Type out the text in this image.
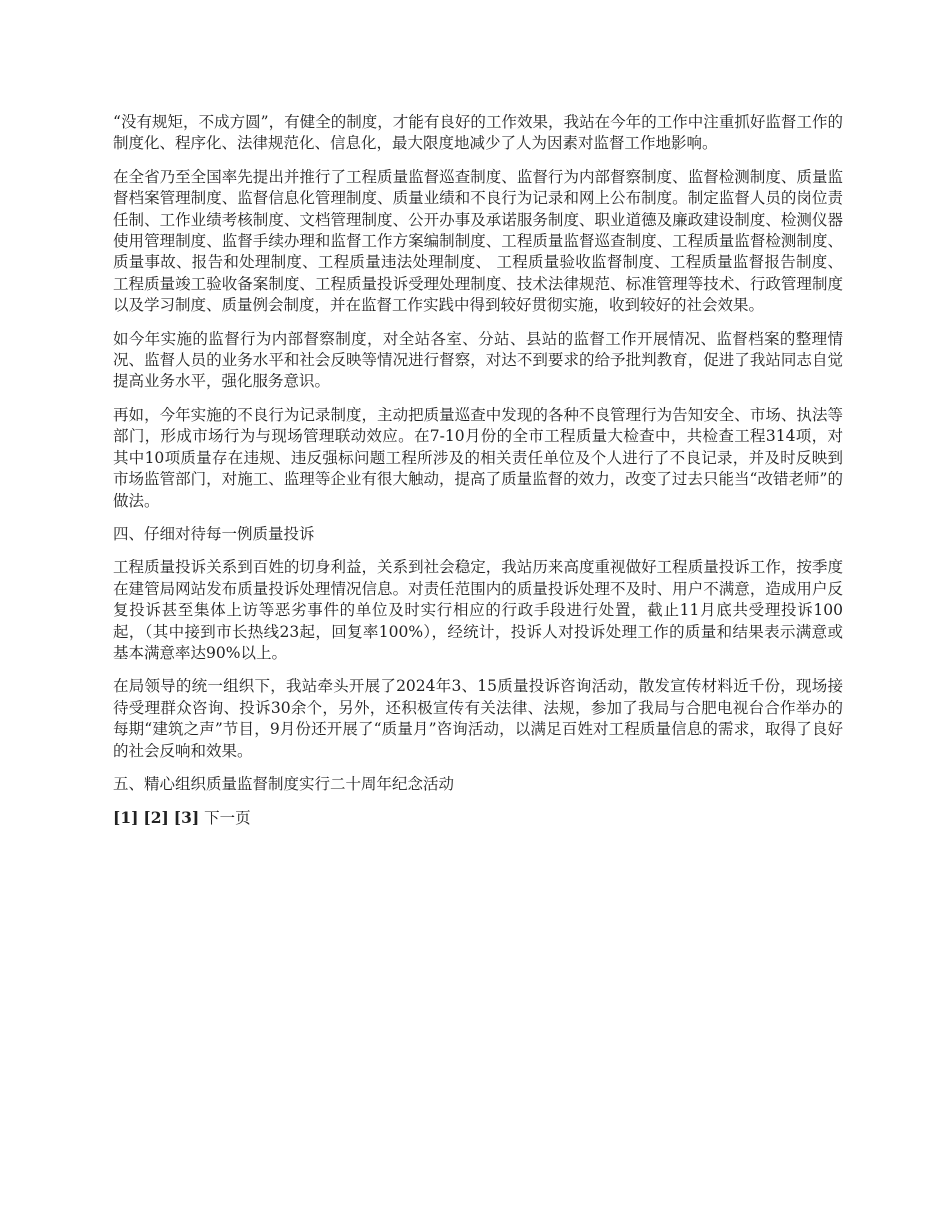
“没有规矩，不成方圆”，有健全的制度，才能有良好的工作效果，我站在今年的工作中注重抓好监督工作的制度化、程序化、法律规范化、信息化，最大限度地减少了人为因素对监督工作地影响。

在全省乃至全国率先提出并推行了工程质量监督巡查制度、监督行为内部督察制度、监督检测制度、质量监督档案管理制度、监督信息化管理制度、质量业绩和不良行为记录和网上公布制度。制定监督人员的岗位责任制、工作业绩考核制度、文档管理制度、公开办事及承诺服务制度、职业道德及廉政建设制度、检测仪器使用管理制度、监督手续办理和监督工作方案编制制度、工程质量监督巡查制度、工程质量监督检测制度、质量事故、报告和处理制度、工程质量违法处理制度、 工程质量验收监督制度、工程质量监督报告制度、工程质量竣工验收备案制度、工程质量投诉受理处理制度、技术法律规范、标准管理等技术、行政管理制度以及学习制度、质量例会制度，并在监督工作实践中得到较好贯彻实施，收到较好的社会效果。

如今年实施的监督行为内部督察制度，对全站各室、分站、县站的监督工作开展情况、监督档案的整理情况、监督人员的业务水平和社会反映等情况进行督察，对达不到要求的给予批判教育，促进了我站同志自觉提高业务水平，强化服务意识。

再如，今年实施的不良行为记录制度，主动把质量巡查中发现的各种不良管理行为告知安全、市场、执法等部门，形成市场行为与现场管理联动效应。在7-10月份的全市工程质量大检查中，共检查工程314项，对其中10项质量存在违规、违反强标问题工程所涉及的相关责任单位及个人进行了不良记录，并及时反映到市场监管部门，对施工、监理等企业有很大触动，提高了质量监督的效力，改变了过去只能当“改错老师”的做法。

四、仔细对待每一例质量投诉

工程质量投诉关系到百姓的切身利益，关系到社会稳定，我站历来高度重视做好工程质量投诉工作，按季度在建管局网站发布质量投诉处理情况信息。对责任范围内的质量投诉处理不及时、用户不满意，造成用户反复投诉甚至集体上访等恶劣事件的单位及时实行相应的行政手段进行处置，截止11月底共受理投诉100起，（其中接到市长热线23起，回复率100%），经统计，投诉人对投诉处理工作的质量和结果表示满意或基本满意率达90%以上。

在局领导的统一组织下，我站牵头开展了2024年3、15质量投诉咨询活动，散发宣传材料近千份，现场接待受理群众咨询、投诉30余个，另外，还积极宣传有关法律、法规，参加了我局与合肥电视台合作举办的每期“建筑之声”节目，9月份还开展了“质量月”咨询活动，以满足百姓对工程质量信息的需求，取得了良好的社会反响和效果。

五、精心组织质量监督制度实行二十周年纪念活动

[1] [2] [3] 下一页
